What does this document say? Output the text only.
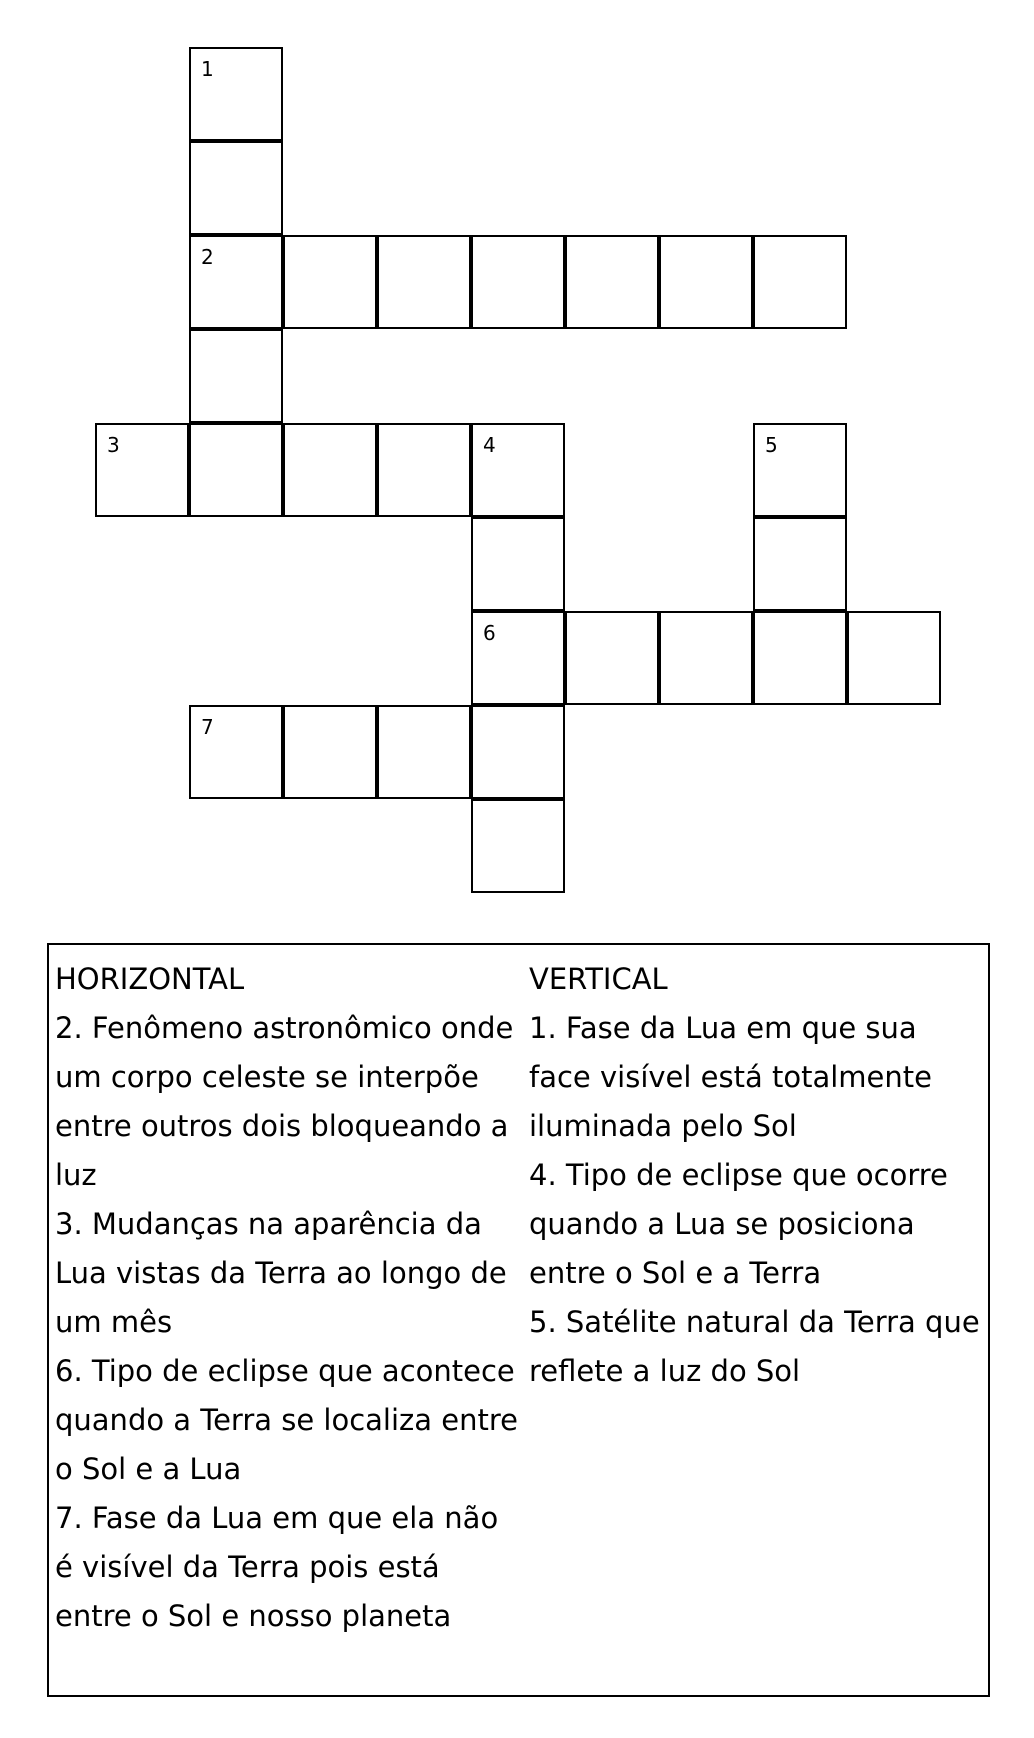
1
2
3	4	5
6
7
HORIZONTAL
2. Fenômeno astronômico onde um corpo celeste se interpõe entre outros dois bloqueando a luz
3. Mudanças na aparência da Lua vistas da Terra ao longo de um mês
6. Tipo de eclipse que acontece quando a Terra se localiza entre o Sol e a Lua
7. Fase da Lua em que ela não é visível da Terra pois está entre o Sol e nosso planeta
VERTICAL
1. Fase da Lua em que sua face visível está totalmente iluminada pelo Sol
4. Tipo de eclipse que ocorre quando a Lua se posiciona entre o Sol e a Terra
5. Satélite natural da Terra que reflete a luz do Sol
